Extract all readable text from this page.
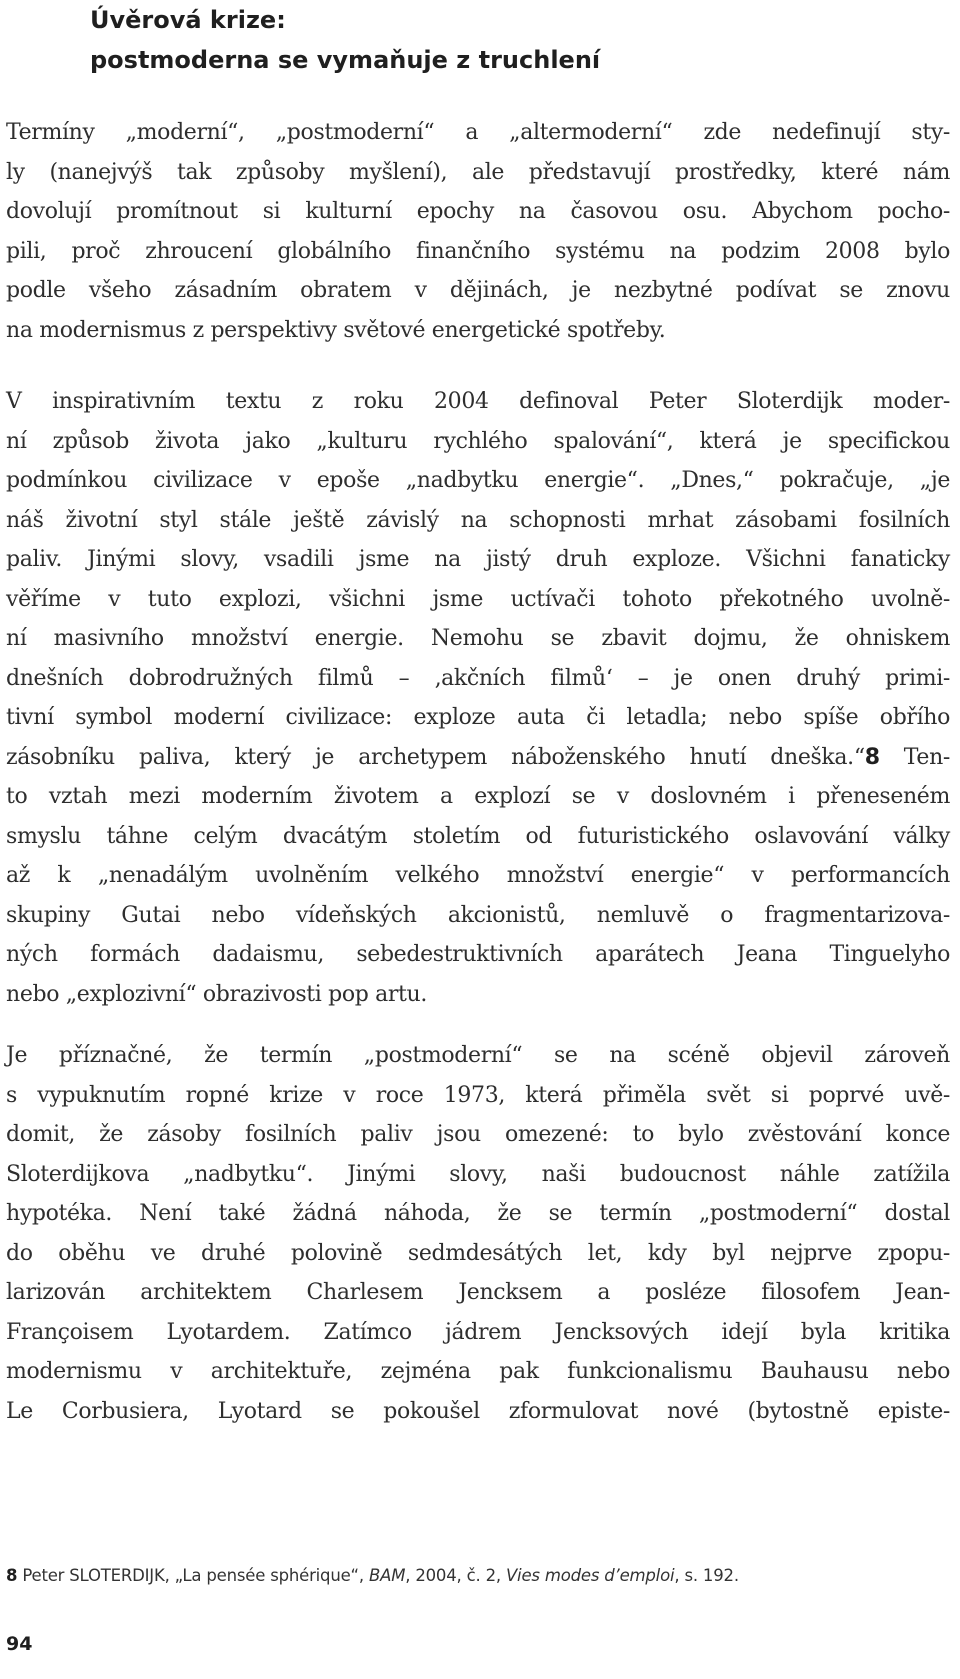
Úvěrová krize:
postmoderna se vymaňuje z truchlení
Termíny „moderní“, „postmoderní“ a „altermoderní“ zde nedefinují sty-
ly (nanejvýš tak způsoby myšlení), ale představují prostředky, které nám
dovolují promítnout si kulturní epochy na časovou osu. Abychom pocho-
pili, proč zhroucení globálního finančního systému na podzim 2008 bylo
podle všeho zásadním obratem v dějinách, je nezbytné podívat se znovu
na modernismus z perspektivy světové energetické spotřeby.
V inspirativním textu z roku 2004 definoval Peter Sloterdijk moder-
ní způsob života jako „kulturu rychlého spalování“, která je specifickou
podmínkou civilizace v epoše „nadbytku energie“. „Dnes,“ pokračuje, „je
náš životní styl stále ještě závislý na schopnosti mrhat zásobami fosilních
paliv. Jinými slovy, vsadili jsme na jistý druh exploze. Všichni fanaticky
věříme v tuto explozi, všichni jsme uctívači tohoto překotného uvolně-
ní masivního množství energie. Nemohu se zbavit dojmu, že ohniskem
dnešních dobrodružných filmů – ‚akčních filmů‘ – je onen druhý primi-
tivní symbol moderní civilizace: exploze auta či letadla; nebo spíše obřího
zásobníku paliva, který je archetypem náboženského hnutí dneška.“8 Ten-
to vztah mezi moderním životem a explozí se v doslovném i přeneseném
smyslu táhne celým dvacátým stoletím od futuristického oslavování války
až k „nenadálým uvolněním velkého množství energie“ v performancích
skupiny Gutai nebo vídeňských akcionistů, nemluvě o fragmentarizova-
ných formách dadaismu, sebedestruktivních aparátech Jeana Tinguelyho
nebo „explozivní“ obrazivosti pop artu.
Je příznačné, že termín „postmoderní“ se na scéně objevil zároveň
s vypuknutím ropné krize v roce 1973, která přiměla svět si poprvé uvě-
domit, že zásoby fosilních paliv jsou omezené: to bylo zvěstování konce
Sloterdijkova „nadbytku“. Jinými slovy, naši budoucnost náhle zatížila
hypotéka. Není také žádná náhoda, že se termín „postmoderní“ dostal
do oběhu ve druhé polovině sedmdesátých let, kdy byl nejprve zpopu-
larizován architektem Charlesem Jencksem a posléze filosofem Jean-
Françoisem Lyotardem. Zatímco jádrem Jencksových idejí byla kritika
modernismu v architektuře, zejména pak funkcionalismu Bauhausu nebo
Le Corbusiera, Lyotard se pokoušel zformulovat nové (bytostně episte-
8 Peter SLOTERDIJK, „La pensée sphérique“, BAM, 2004, č. 2, Vies modes d’emploi, s. 192.
94
